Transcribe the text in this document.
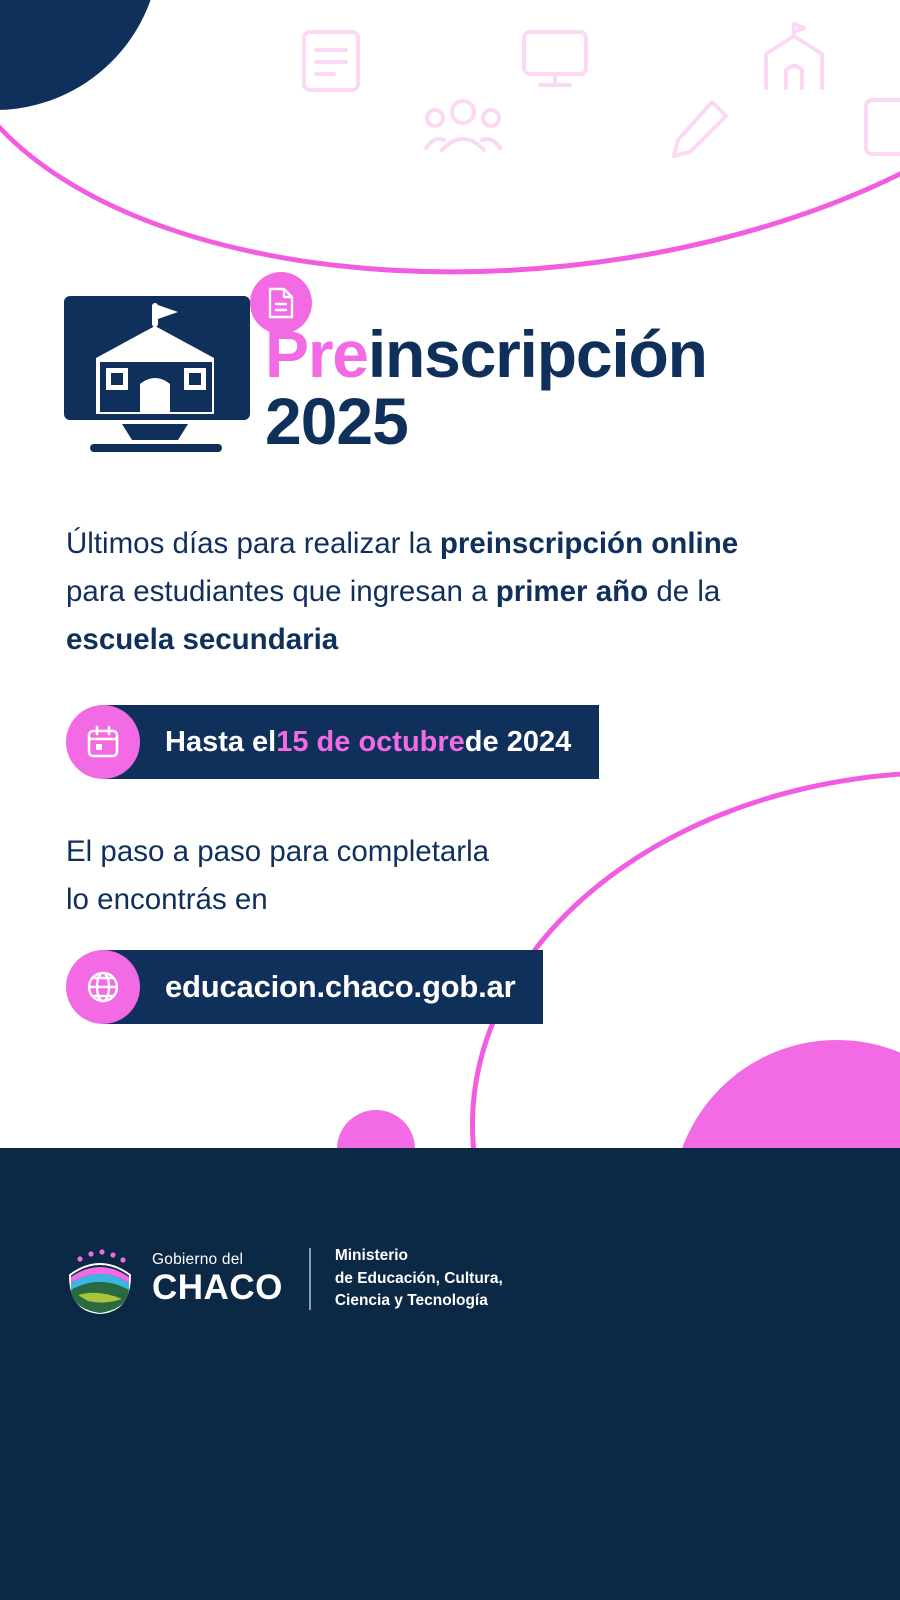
Preinscripción
2025
Últimos días para realizar la preinscripción online para estudiantes que ingresan a primer año de la escuela secundaria
Hasta el 15 de octubre de 2024
El paso a paso para completarla
lo encontrás en
educacion.chaco.gob.ar
Gobierno del
CHACO
Ministerio
de Educación, Cultura,
Ciencia y Tecnología
